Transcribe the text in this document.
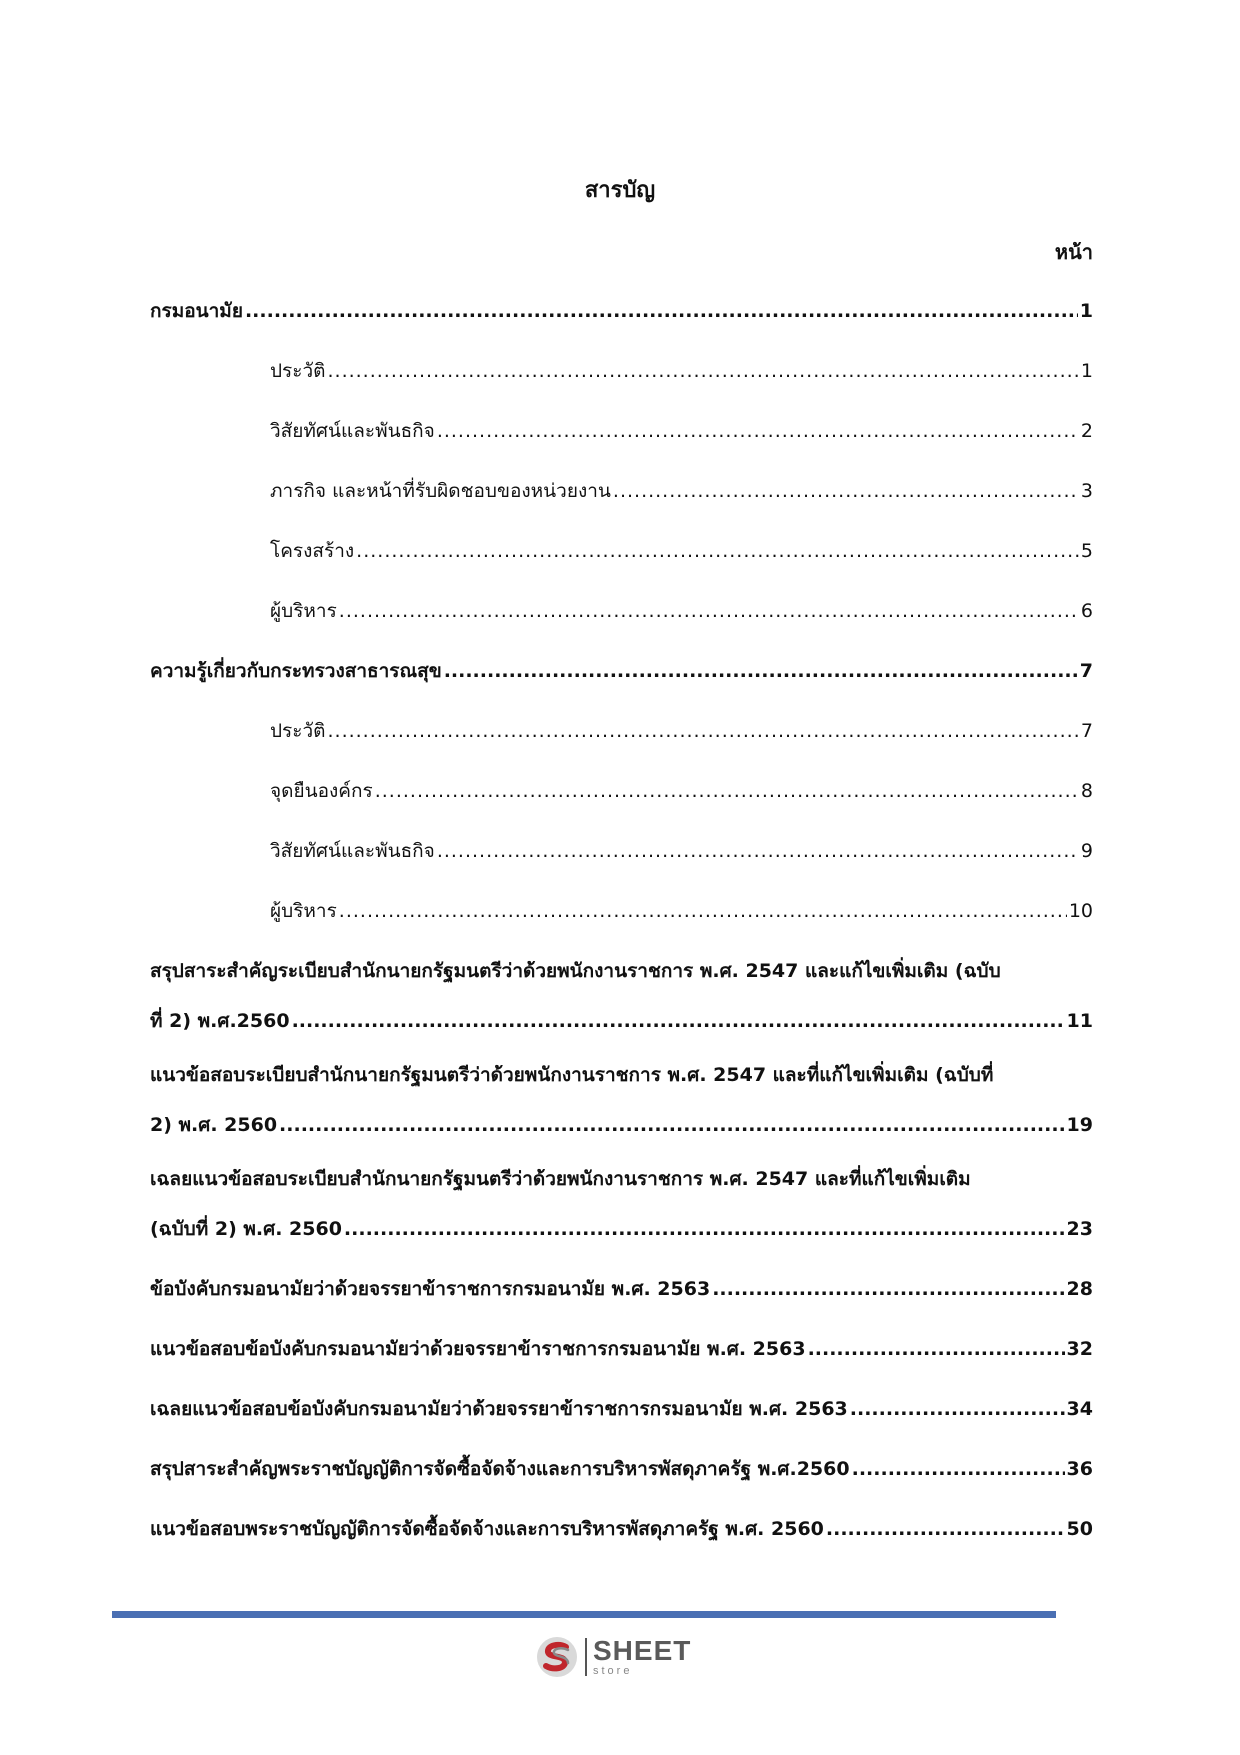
สารบัญ
หน้า
กรมอนามัย .....	1
ประวัติ .....	1
วิสัยทัศน์และพันธกิจ .....	2
ภารกิจ และหน้าที่รับผิดชอบของหน่วยงาน .....	3
โครงสร้าง .....	5
ผู้บริหาร .....	6
ความรู้เกี่ยวกับกระทรวงสาธารณสุข .....	7
ประวัติ .....	7
จุดยืนองค์กร .....	8
วิสัยทัศน์และพันธกิจ .....	9
ผู้บริหาร .....	10
สรุปสาระสำคัญระเบียบสำนักนายกรัฐมนตรีว่าด้วยพนักงานราชการ พ.ศ. 2547 และแก้ไขเพิ่มเติม (ฉบับ
ที่ 2) พ.ศ.2560 .....	11
แนวข้อสอบระเบียบสำนักนายกรัฐมนตรีว่าด้วยพนักงานราชการ พ.ศ. 2547 และที่แก้ไขเพิ่มเติม (ฉบับที่
2) พ.ศ. 2560 .....	19
เฉลยแนวข้อสอบระเบียบสำนักนายกรัฐมนตรีว่าด้วยพนักงานราชการ พ.ศ. 2547 และที่แก้ไขเพิ่มเติม
(ฉบับที่ 2) พ.ศ. 2560 .....	23
ข้อบังคับกรมอนามัยว่าด้วยจรรยาข้าราชการกรมอนามัย พ.ศ. 2563 .....	28
แนวข้อสอบข้อบังคับกรมอนามัยว่าด้วยจรรยาข้าราชการกรมอนามัย พ.ศ. 2563 .....	32
เฉลยแนวข้อสอบข้อบังคับกรมอนามัยว่าด้วยจรรยาข้าราชการกรมอนามัย พ.ศ. 2563 .....	34
สรุปสาระสำคัญพระราชบัญญัติการจัดซื้อจัดจ้างและการบริหารพัสดุภาครัฐ พ.ศ.2560 .....	36
แนวข้อสอบพระราชบัญญัติการจัดซื้อจัดจ้างและการบริหารพัสดุภาครัฐ พ.ศ. 2560 .....	50
SHEET
store
